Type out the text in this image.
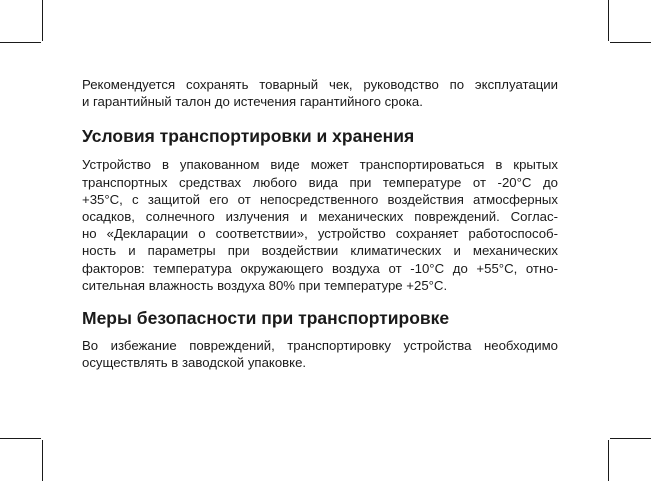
Рекомендуется сохранять товарный чек, руководство по эксплуатации
и гарантийный талон до истечения гарантийного срока.

Условия транспортировки и хранения

Устройство в упакованном виде может транспортироваться в крытых
транспортных средствах любого вида при температуре от -20°C до
+35°C, с защитой его от непосредственного воздействия атмосферных
осадков, солнечного излучения и механических повреждений. Соглас-
но «Декларации о соответствии», устройство сохраняет работоспособ-
ность и параметры при воздействии климатических и механических
факторов: температура окружающего воздуха от -10°C до +55°C, отно-
сительная влажность воздуха 80% при температуре +25°C.

Меры безопасности при транспортировке

Во избежание повреждений, транспортировку устройства необходимо
осуществлять в заводской упаковке.
